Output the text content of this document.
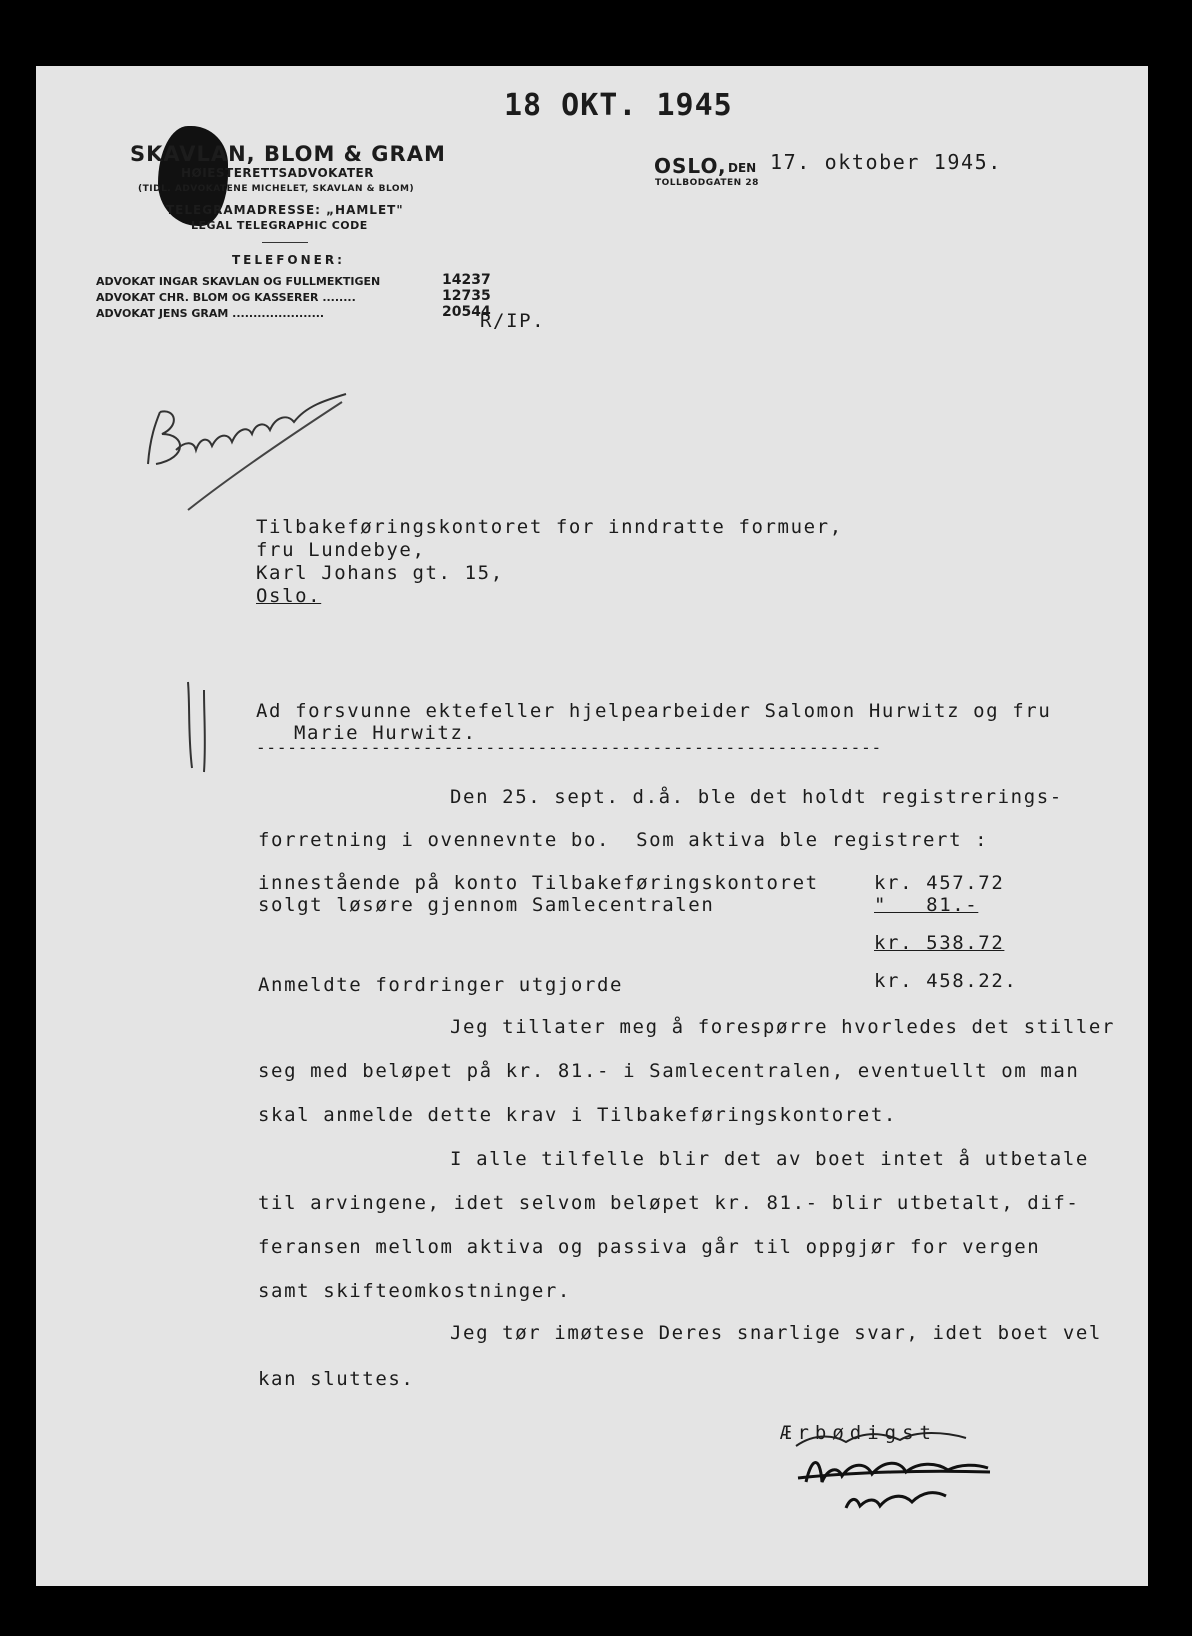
18 OKT. 1945
SKAVLAN, BLOM & GRAM
HØIESTERETTSADVOKATER
(TIDL. ADVOKATENE MICHELET, SKAVLAN & BLOM)
TELEGRAMADRESSE: „HAMLET"
LEGAL TELEGRAPHIC CODE
TELEFONER:
ADVOKAT INGAR SKAVLAN OG FULLMEKTIGEN	14237
ADVOKAT CHR. BLOM OG KASSERER ........	12735
ADVOKAT JENS GRAM ......................	20544
OSLO, DEN 17. oktober 1945.
TOLLBODGATEN 28
R/IP.
Tilbakeføringskontoret for inndratte formuer,
fru Lundebye,
Karl Johans gt. 15,
Oslo.
Ad forsvunne ektefeller hjelpearbeider Salomon Hurwitz og fru
Marie Hurwitz.
------------------------------------------------------------
Den 25. sept. d.å. ble det holdt registrerings-
forretning i ovennevnte bo.  Som aktiva ble registrert :
innestående på konto Tilbakeføringskontoret	kr. 457.72
solgt løsøre gjennom Samlecentralen	"   81.-
kr. 538.72
Anmeldte fordringer utgjorde	kr. 458.22.
Jeg tillater meg å forespørre hvorledes det stiller
seg med beløpet på kr. 81.- i Samlecentralen, eventuellt om man
skal anmelde dette krav i Tilbakeføringskontoret.
I alle tilfelle blir det av boet intet å utbetale
til arvingene, idet selvom beløpet kr. 81.- blir utbetalt, dif-
feransen mellom aktiva og passiva går til oppgjør for vergen
samt skifteomkostninger.
Jeg tør imøtese Deres snarlige svar, idet boet vel
kan sluttes.
Ærbødigst
